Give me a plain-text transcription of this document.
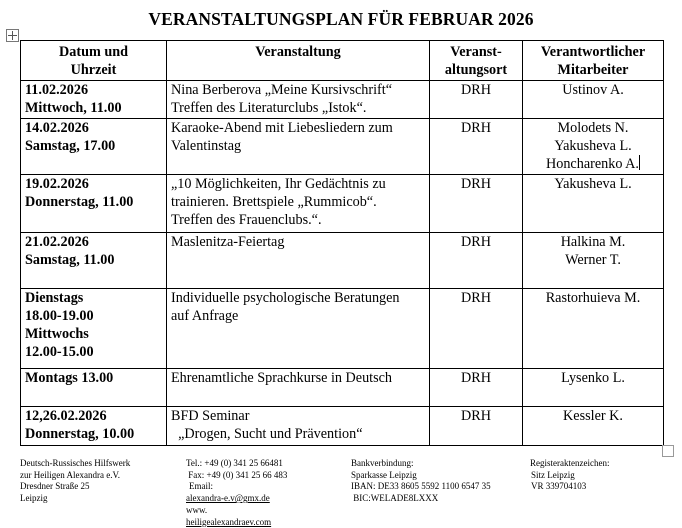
VERANSTALTUNGSPLAN FÜR FEBRUAR 2026
Datum und
Uhrzeit	Veranstaltung	Veranst-
altungsort	Verantwortlicher
Mitarbeiter

11.02.2026
Mittwoch, 11.00	Nina Berberova „Meine Kursivschrift“
Treffen des Literaturclubs „Istok“.	DRH	Ustinov A.

14.02.2026
Samstag, 17.00	Karaoke-Abend mit Liebesliedern zum
Valentinstag	DRH	Molodets N.
Yakusheva L.
Honcharenko A.

19.02.2026
Donnerstag, 11.00	„10 Möglichkeiten, Ihr Gedächtnis zu
trainieren. Brettspiele „Rummicob“.
Treffen des Frauenclubs.“.	DRH	Yakusheva L.

21.02.2026
Samstag, 11.00	Maslenitza-Feiertag	DRH	Halkina M.
Werner T.

Dienstags
18.00-19.00
Mittwochs
12.00-15.00	Individuelle psychologische Beratungen
auf Anfrage	DRH	Rastorhuieva M.

Montags 13.00	Ehrenamtliche Sprachkurse in Deutsch	DRH	Lysenko L.

12,26.02.2026
Donnerstag, 10.00	BFD Seminar
„Drogen, Sucht und Prävention“	DRH	Kessler K.
Deutsch-Russisches Hilfswerk
zur Heiligen Alexandra e.V.
Dresdner Straße 25
Leipzig
Tel.: +49 (0) 341 25 66481
Fax: +49 (0) 341 25 66 483
Email:
alexandra-e.v@gmx.de
www.
heiligealexandraev.com
Bankverbindung:
Sparkasse Leipzig
IBAN: DE33 8605 5592 1100 6547 35
BIC:WELADE8LXXX
Registeraktenzeichen:
Sitz Leipzig
VR 339704103
